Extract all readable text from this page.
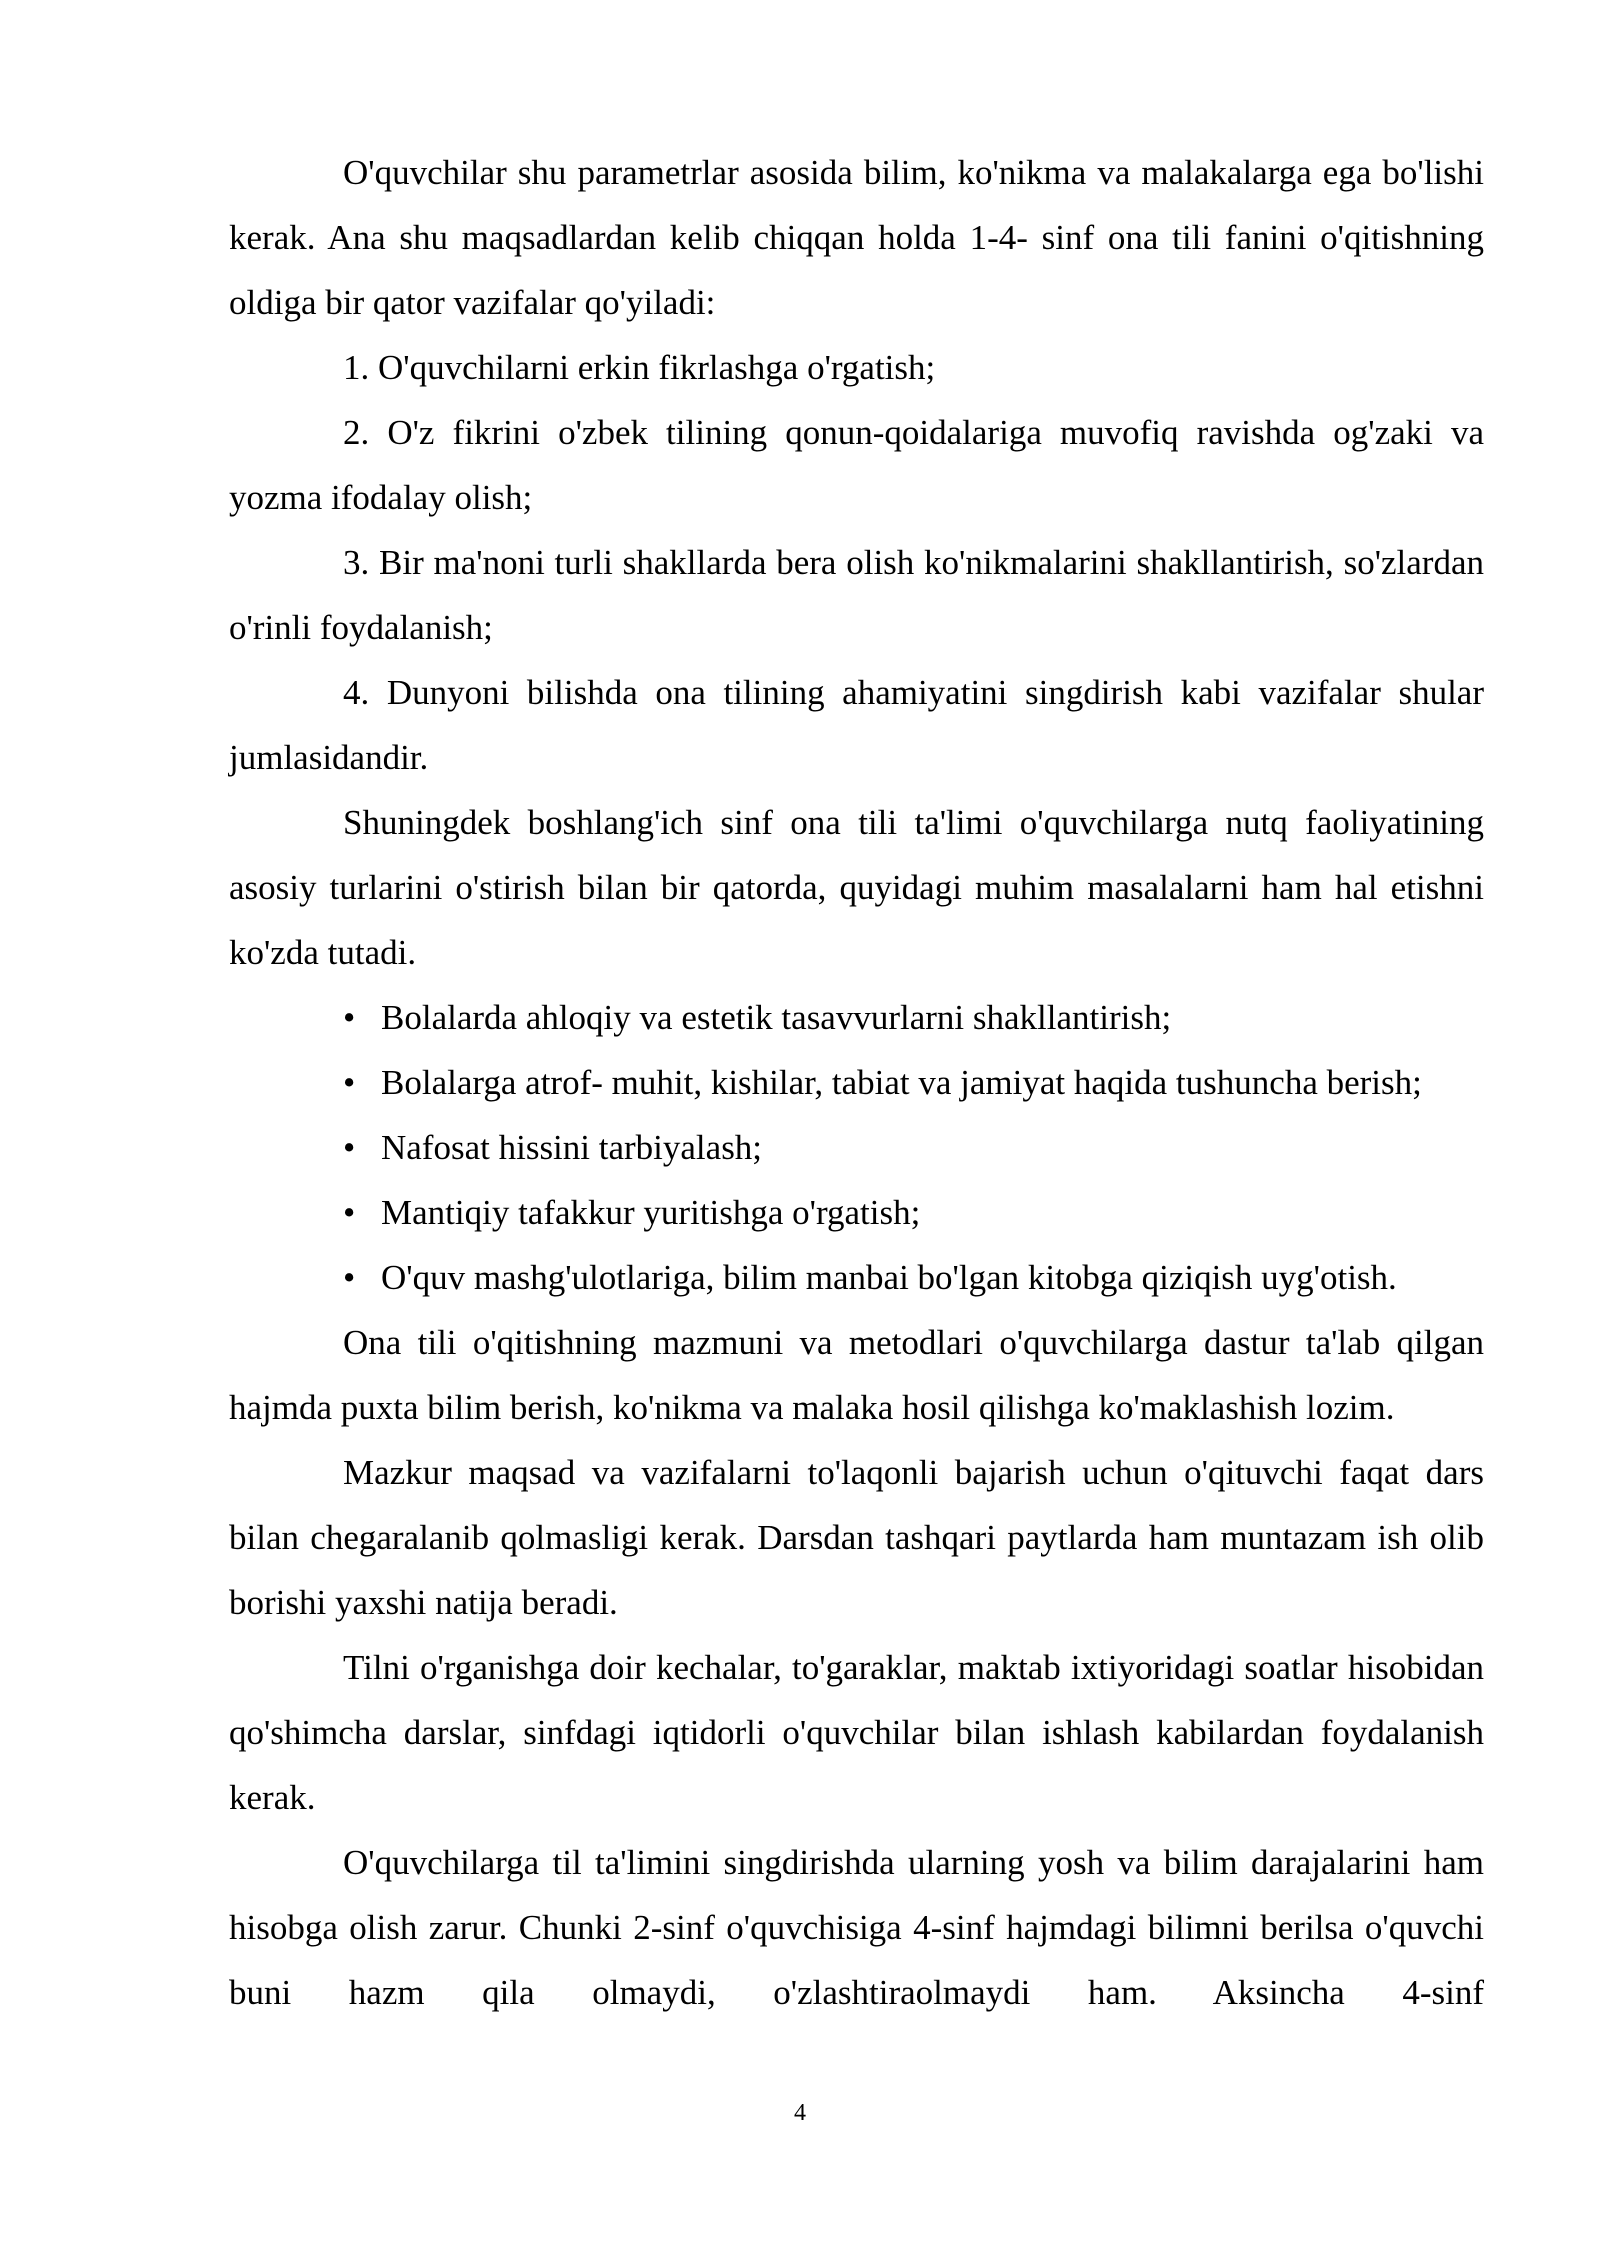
O'quvchilar shu parametrlar asosida bilim, ko'nikma va malakalarga ega bo'lishi kerak. Ana shu maqsadlardan kelib chiqqan holda 1-4- sinf ona tili fanini o'qitishning oldiga bir qator vazifalar qo'yiladi:

1. O'quvchilarni erkin fikrlashga o'rgatish;

2. O'z fikrini o'zbek tilining qonun-qoidalariga muvofiq ravishda og'zaki va yozma ifodalay olish;

3. Bir ma'noni turli shakllarda bera olish ko'nikmalarini shakllantirish, so'zlardan o'rinli foydalanish;

4. Dunyoni bilishda ona tilining ahamiyatini singdirish kabi vazifalar shular jumlasidandir.

Shuningdek boshlang'ich sinf ona tili ta'limi o'quvchilarga nutq faoliyatining asosiy turlarini o'stirish bilan bir qatorda, quyidagi muhim masalalarni ham hal etishni ko'zda tutadi.

• Bolalarda ahloqiy va estetik tasavvurlarni shakllantirish;
• Bolalarga atrof- muhit, kishilar, tabiat va jamiyat haqida tushuncha berish;
• Nafosat hissini tarbiyalash;
• Mantiqiy tafakkur yuritishga o'rgatish;
• O'quv mashg'ulotlariga, bilim manbai bo'lgan kitobga qiziqish uyg'otish.

Ona tili o'qitishning mazmuni va metodlari o'quvchilarga dastur ta'lab qilgan hajmda puxta bilim berish, ko'nikma va malaka hosil qilishga ko'maklashish lozim.

Mazkur maqsad va vazifalarni to'laqonli bajarish uchun o'qituvchi faqat dars bilan chegaralanib qolmasligi kerak. Darsdan tashqari paytlarda ham muntazam ish olib borishi yaxshi natija beradi.

Tilni o'rganishga doir kechalar, to'garaklar, maktab ixtiyoridagi soatlar hisobidan qo'shimcha darslar, sinfdagi iqtidorli o'quvchilar bilan ishlash kabilardan foydalanish kerak.

O'quvchilarga til ta'limini singdirishda ularning yosh va bilim darajalarini ham hisobga olish zarur. Chunki 2-sinf o'quvchisiga 4-sinf hajmdagi bilimni berilsa o'quvchi buni hazm qila olmaydi, o'zlashtiraolmaydi ham. Aksincha 4-sinf

4
